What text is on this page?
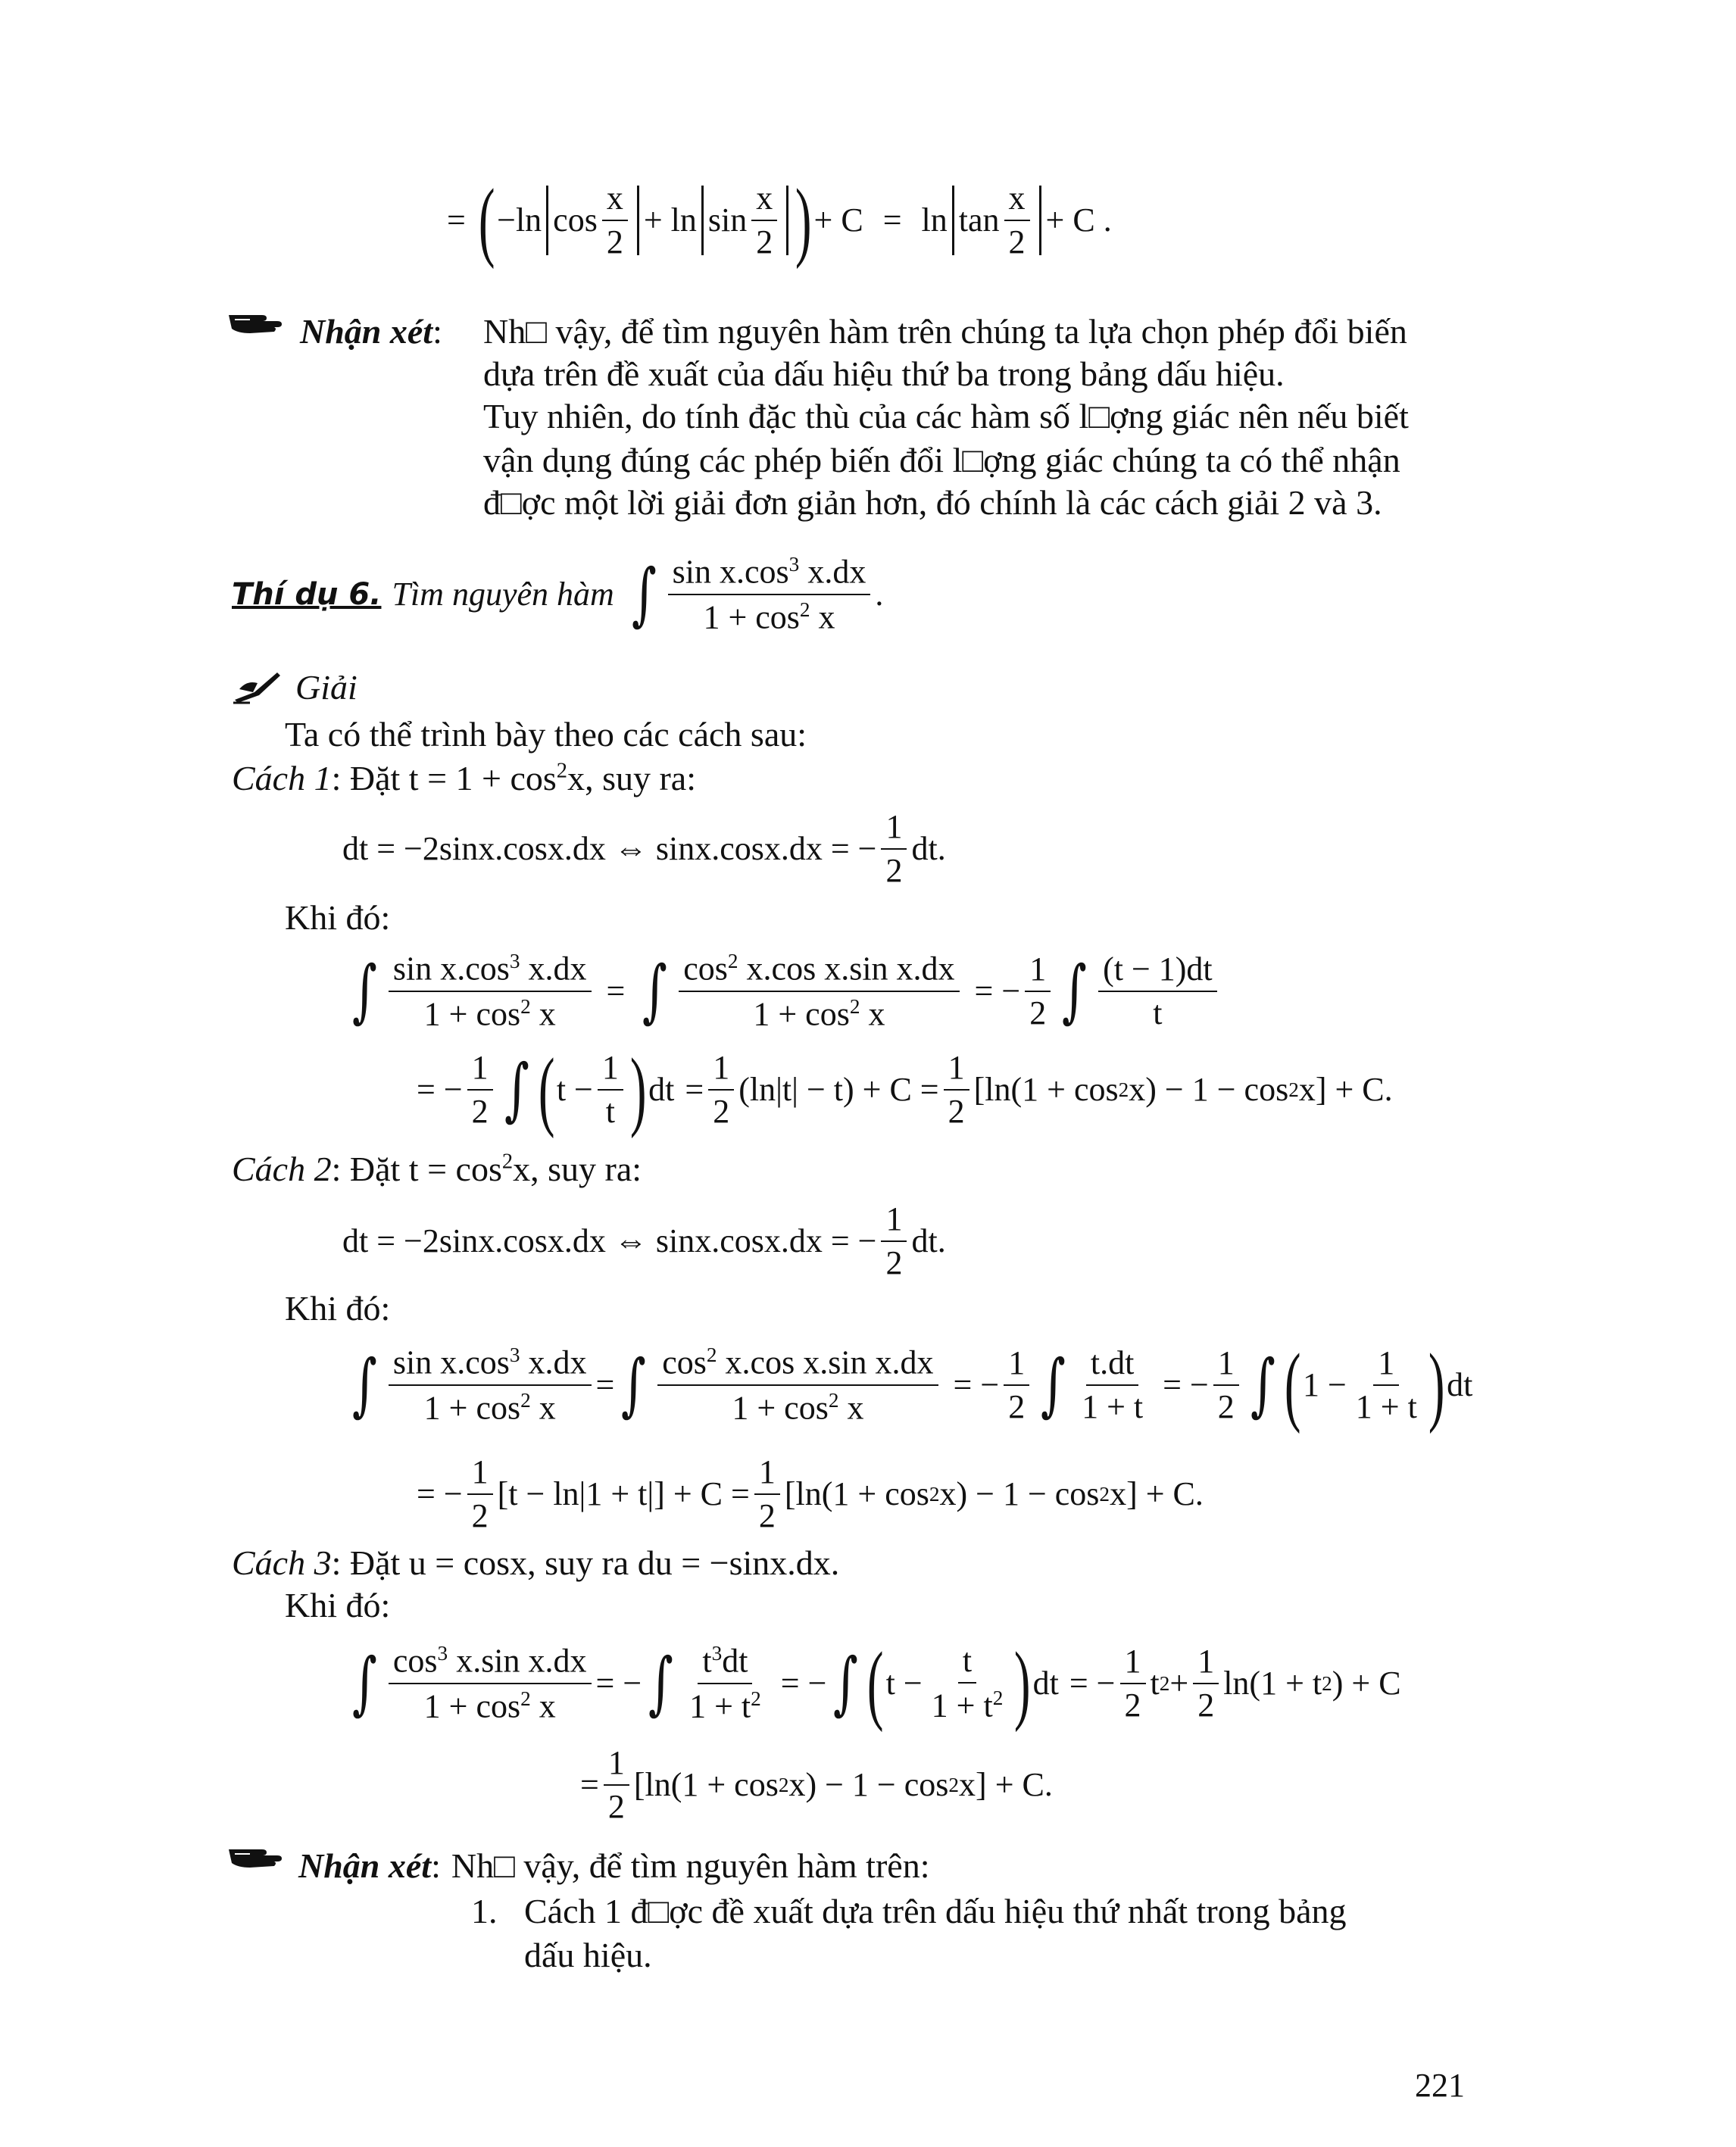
= ( −ln $\cos \frac{x}{2} + \ln \sin \frac{x}{2}$ ) + $C = \ln \tan \frac{x}{2} + C$ .
Nhận xét: Nh□ vậy, để tìm nguyên hàm trên chúng ta lựa chọn phép đổi biến
dựa trên đề xuất của dấu hiệu thứ ba trong bảng dấu hiệu.
Tuy nhiên, do tính đặc thù của các hàm số l□ợng giác nên nếu biết
vận dụng đúng các phép biến đổi l□ợng giác chúng ta có thể nhận
đ□ợc một lời giải đơn giản hơn, đó chính là các cách giải 2 và 3.
Thí dụ 6. Tìm nguyên hàm ∫ $\frac{\sin x.\cos^3 x.dx}{1 + \cos^2 x}$ .
Giải
Ta có thể trình bày theo các cách sau:
Cách 1: Đặt $t = 1 + \cos^2x$, suy ra:
dt = −2sinx.cosx.dx ⇔ sinx.cosx.dx = − $\frac{1}{2}$ dt.
Khi đó:
∫ $\frac{\sin x.\cos^3 x.dx}{1 + \cos^2 x}$ = ∫ $\frac{\cos^2 x.\cos x.\sin x.dx}{1 + \cos^2 x}$ = − $\frac{1}{2}$ ∫ $\frac{(t - 1)dt}{t}$
= − $\frac{1}{2}$ ∫ ( $t - \frac{1}{t}$ ) dt = $\frac{1}{2} (\ln|t| - t) + C = \frac{1}{2} [\ln(1 + \cos 2$ x) − 1 − cos 2 x] + C.
Cách 2: Đặt $t = \cos^2x$, suy ra:
dt = −2sinx.cosx.dx ⇔ sinx.cosx.dx = − $\frac{1}{2}$ dt.
Khi đó:
∫ $\frac{\sin x.\cos^3 x.dx}{1 + \cos^2 x}$ = ∫ $\frac{\cos^2 x.\cos x.\sin x.dx}{1 + \cos^2 x}$ = − $\frac{1}{2}$ ∫ $\frac{t.dt}{1 + t}$ = − $\frac{1}{2}$ ∫ ( $1 - \frac{1}{1 + t}$ ) dt
= − $\frac{1}{2} [t - \ln|1 + t|] + C = \frac{1}{2} [\ln(1 + \cos 2$ x) − 1 − cos 2 x] + C.
Cách 3: Đặt u = cosx, suy ra du = −sinx.dx.
Khi đó:
∫ $\frac{\cos^3 x.\sin x.dx}{1 + \cos^2 x}$ = − ∫ $\frac{t^3dt}{1 + t^2}$ = − ∫ ( $t - \frac{t}{1 + t^2}$ ) dt = − $\frac{1}{2}$ t $2 + \frac{1}{2} \ln(1 + t$ 2 ) + C
= $\frac{1}{2} [\ln(1 + \cos 2$ x) − 1 − cos 2 x] + C.
Nhận xét: Nh□ vậy, để tìm nguyên hàm trên:
1. Cách 1 đ□ợc đề xuất dựa trên dấu hiệu thứ nhất trong bảng
dấu hiệu.
221
